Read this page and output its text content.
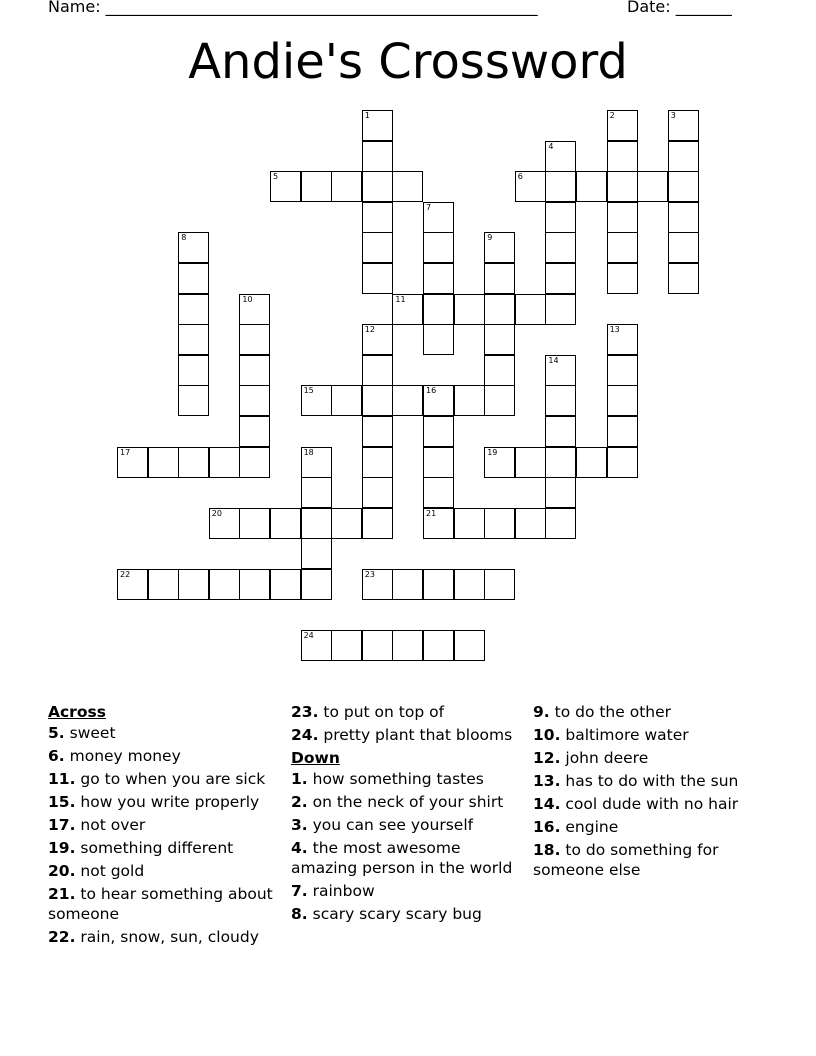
Name: ______________________________________________________	Date: _______
Andie's Crossword
1	2	3
4
5	6
7
8	9
10	11
12	13
14
15	16
17	18	19
20	21
22	23
24
Across
5. sweet
6. money money
11. go to when you are sick
15. how you write properly
17. not over
19. something different
20. not gold
21. to hear something about someone
22. rain, snow, sun, cloudy
23. to put on top of
24. pretty plant that blooms
Down
1. how something tastes
2. on the neck of your shirt
3. you can see yourself
4. the most awesome amazing person in the world
7. rainbow
8. scary scary scary bug
9. to do the other
10. baltimore water
12. john deere
13. has to do with the sun
14. cool dude with no hair
16. engine
18. to do something for someone else
